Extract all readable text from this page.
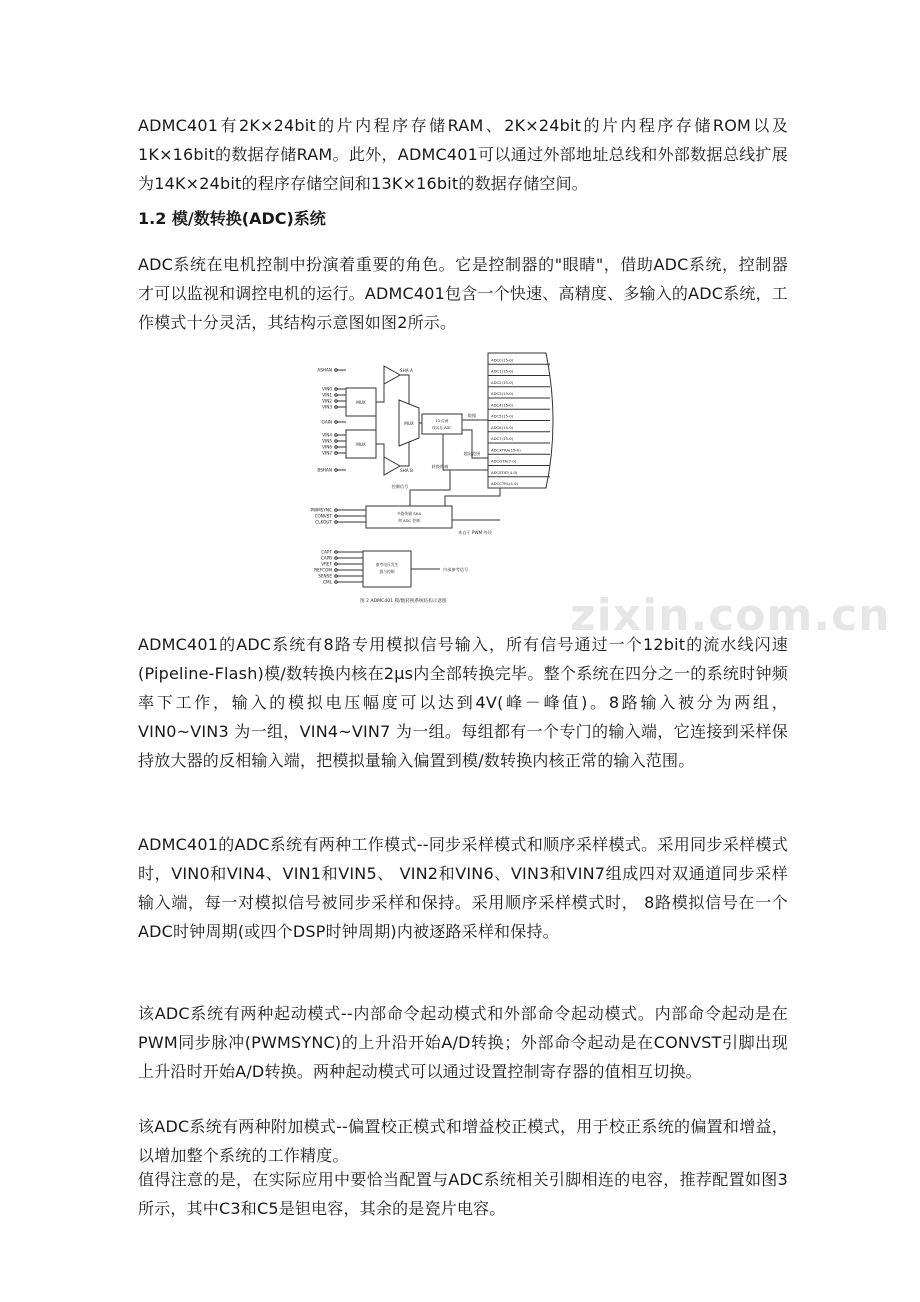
ADMC401有2K×24bit的片内程序存储RAM、2K×24bit的片内程序存储ROM以及1K×16bit的数据存储RAM。此外，ADMC401可以通过外部地址总线和外部数据总线扩展为14K×24bit的程序存储空间和13K×16bit的数据存储空间。

1.2 模/数转换(ADC)系统

ADC系统在电机控制中扮演着重要的角色。它是控制器的"眼睛"，借助ADC系统，控制器才可以监视和调控电机的运行。ADMC401包含一个快速、高精度、多输入的ADC系统，工作模式十分灵活，其结构示意图如图2所示。

ASHAN
VIN0
VIN1
VIN2
VIN3
GAIN
VIN4
VIN5
VIN6
VIN7
BSHAN
SHA A
SHA B
MUX
MUX
MUX	12 位流
线闪存 ADC
数据
越出范围
转换终端
控制信号
ADC0(15-0)
ADC1(15-0)
ADC2(15-0)
ADC3(15-0)
ADC4(15-0)
ADC5(15-0)
ADC6(15-0)
ADC7(15-0)
ADCXTRA(15-0)
ADCOTR(7-0)
ADCSTAT(4-0)
ADCCTRL(4-0)
PWMSYNC
CONVST
CLKOUT
多路传输 SHA
和 ADC 控制
来自于 PWM 外设
CAPT
CAPB
VREF
REFCOM
SENSE
CML
参考电压发生
器与控制	内部参考信号
图 2 ADMC401 模/数转换系统结构示意图	zixin.com.cn

ADMC401的ADC系统有8路专用模拟信号输入，所有信号通过一个12bit的流水线闪速(Pipeline-Flash)模/数转换内核在2μs内全部转换完毕。整个系统在四分之一的系统时钟频率下工作，输入的模拟电压幅度可以达到4V(峰－峰值)。8路输入被分为两组，VIN0~VIN3 为一组，VIN4~VIN7 为一组。每组都有一个专门的输入端，它连接到采样保持放大器的反相输入端，把模拟量输入偏置到模/数转换内核正常的输入范围。

ADMC401的ADC系统有两种工作模式--同步采样模式和顺序采样模式。采用同步采样模式时，VIN0和VIN4、VIN1和VIN5、 VIN2和VIN6、VIN3和VIN7组成四对双通道同步采样输入端，每一对模拟信号被同步采样和保持。采用顺序采样模式时， 8路模拟信号在一个ADC时钟周期(或四个DSP时钟周期)内被逐路采样和保持。

该ADC系统有两种起动模式--内部命令起动模式和外部命令起动模式。内部命令起动是在PWM同步脉冲(PWMSYNC)的上升沿开始A/D转换；外部命令起动是在CONVST引脚出现上升沿时开始A/D转换。两种起动模式可以通过设置控制寄存器的值相互切换。

该ADC系统有两种附加模式--偏置校正模式和增益校正模式，用于校正系统的偏置和增益，以增加整个系统的工作精度。

值得注意的是，在实际应用中要恰当配置与ADC系统相关引脚相连的电容，推荐配置如图3所示，其中C3和C5是钽电容，其余的是瓷片电容。
